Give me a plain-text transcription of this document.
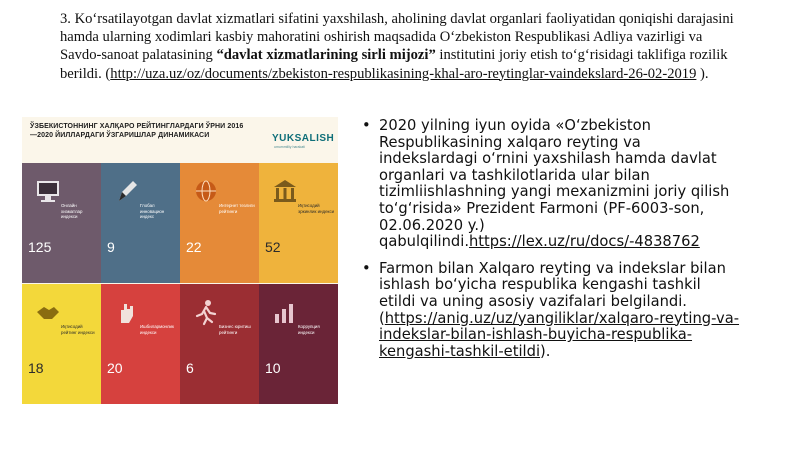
3. Ko‘rsatilayotgan davlat xizmatlari sifatini yaxshilash, aholining davlat organlari faoliyatidan qoniqishi darajasini hamda ularning xodimlari kasbiy mahoratini oshirish maqsadida O‘zbekiston Respublikasi Adliya vazirligi va Savdo-sanoat palatasining “davlat xizmatlarining sirli mijozi” institutini joriy etish to‘g‘risidagi taklifiga rozilik berildi. (http://uza.uz/oz/documents/zbekiston-respublikasining-khal-aro-reytinglar-vaindekslard-26-02-2019 ).
ЎЗБЕКИСТОННИНГ ХАЛҚАРО РЕЙТИНГЛАРДАГИ ЎРНИ 2016—2020 ЙИЛЛАРДАГИ ЎЗГАРИШЛАР ДИНАМИКАСИ	YUKSALISH
umummilliy harakati
Онлайн хизматлар индекси
125
Глобал инновацион индекс
9
Интернет тезлиги рейтинги
22
Иқтисодий эркинлик индекси
52
Иқтисодий рейтинг индекси
18
Ишбилармонлик индекси
20
Бизнес юритиш рейтинги
6
Коррупция индекси
10
• 2020 yilning iyun oyida «O‘zbekiston Respublikasining xalqaro reyting va indekslardagi o‘rnini yaxshilash hamda davlat organlari va tashkilotlarida ular bilan tizimliishlashning yangi mexanizmini joriy qilish to‘g‘risida» Prezident Farmoni (PF-6003-son, 02.06.2020 y.) qabulqilindi.https://lex.uz/ru/docs/-4838762
• Farmon bilan Xalqaro reyting va indekslar bilan ishlash bo‘yicha respublika kengashi tashkil etildi va uning asosiy vazifalari belgilandi. (https://anig.uz/uz/yangiliklar/xalqaro-reyting-va-indekslar-bilan-ishlash-buyicha-respublika-kengashi-tashkil-etildi).
